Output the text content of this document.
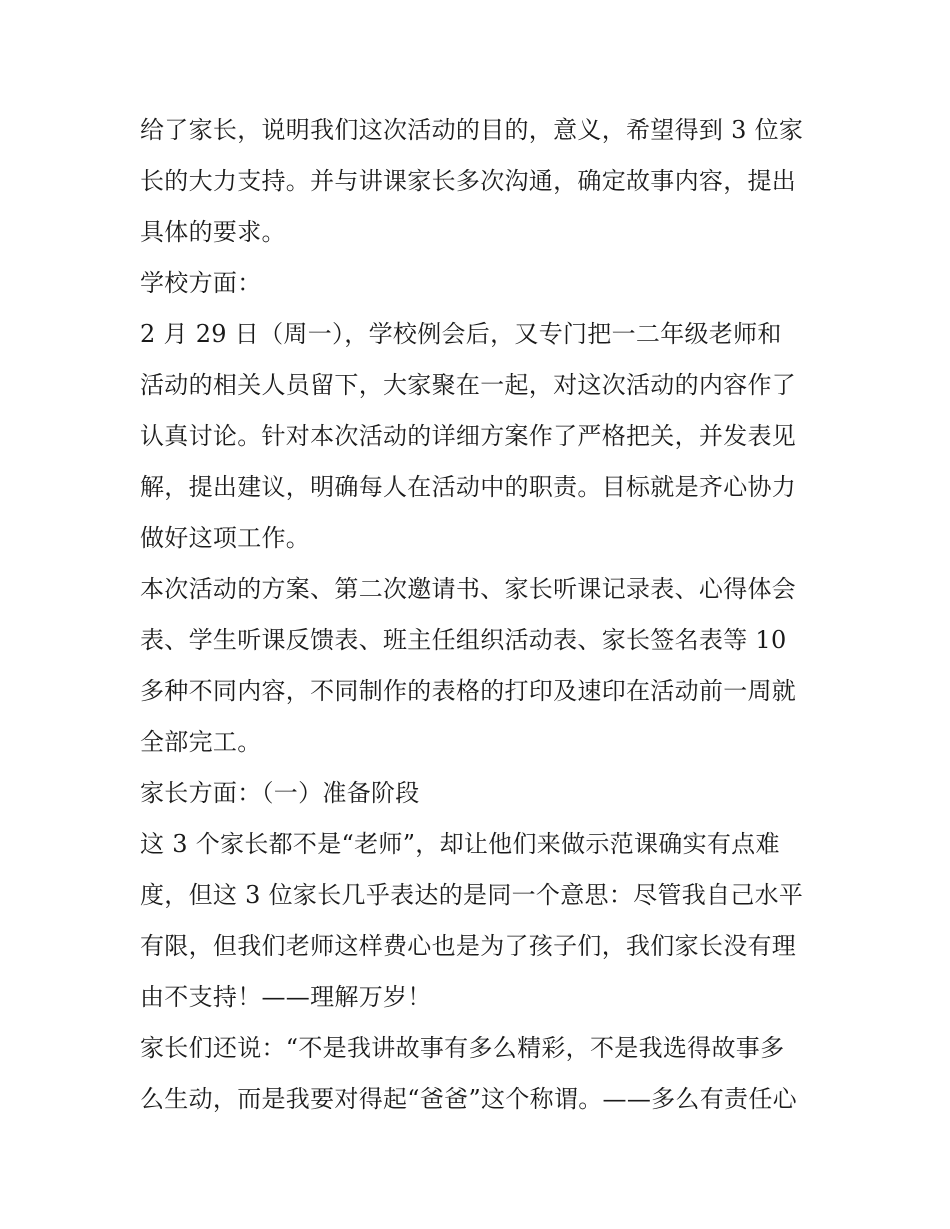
给了家长，说明我们这次活动的目的，意义，希望得到 3 位家
长的大力支持。并与讲课家长多次沟通，确定故事内容，提出
具体的要求。
学校方面：
2 月 29 日（周一），学校例会后，又专门把一二年级老师和
活动的相关人员留下，大家聚在一起，对这次活动的内容作了
认真讨论。针对本次活动的详细方案作了严格把关，并发表见
解，提出建议，明确每人在活动中的职责。目标就是齐心协力
做好这项工作。
本次活动的方案、第二次邀请书、家长听课记录表、心得体会
表、学生听课反馈表、班主任组织活动表、家长签名表等 10
多种不同内容，不同制作的表格的打印及速印在活动前一周就
全部完工。
家长方面：（一）准备阶段
这 3 个家长都不是“老师”，却让他们来做示范课确实有点难
度，但这 3 位家长几乎表达的是同一个意思：尽管我自己水平
有限，但我们老师这样费心也是为了孩子们，我们家长没有理
由不支持！——理解万岁！
家长们还说：“不是我讲故事有多么精彩，不是我选得故事多
么生动，而是我要对得起“爸爸”这个称谓。——多么有责任心
